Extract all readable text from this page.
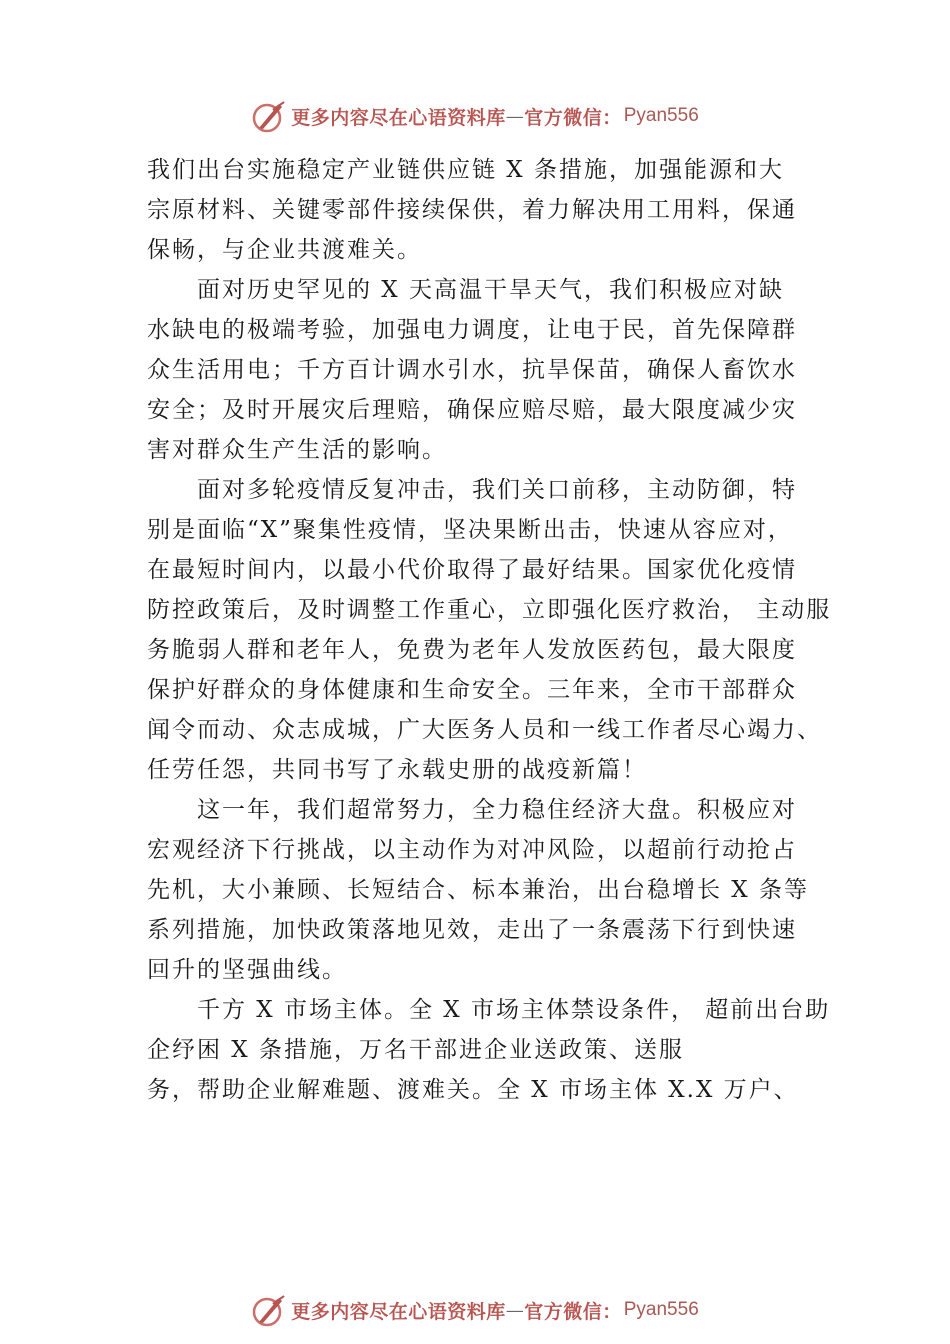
更多内容尽在心语资料库 — 官方微信： Pyan556

我们出台实施稳定产业链供应链 X 条措施，加强能源和大
宗原材料、关键零部件接续保供，着力解决用工用料，保通
保畅，与企业共渡难关。

面对历史罕见的 X 天高温干旱天气，我们积极应对缺
水缺电的极端考验，加强电力调度，让电于民，首先保障群
众生活用电；千方百计调水引水，抗旱保苗，确保人畜饮水
安全；及时开展灾后理赔，确保应赔尽赔，最大限度减少灾
害对群众生产生活的影响。

面对多轮疫情反复冲击，我们关口前移，主动防御，特
别是面临“X”聚集性疫情，坚决果断出击，快速从容应对，
在最短时间内，以最小代价取得了最好结果。国家优化疫情
防控政策后，及时调整工作重心，立即强化医疗救治， 主动服
务脆弱人群和老年人，免费为老年人发放医药包，最大限度
保护好群众的身体健康和生命安全。三年来，全市干部群众
闻令而动、众志成城，广大医务人员和一线工作者尽心竭力、
任劳任怨，共同书写了永载史册的战疫新篇！

这一年，我们超常努力，全力稳住经济大盘。积极应对
宏观经济下行挑战，以主动作为对冲风险，以超前行动抢占
先机，大小兼顾、长短结合、标本兼治，出台稳增长 X 条等
系列措施，加快政策落地见效，走出了一条震荡下行到快速
回升的坚强曲线。

千方 X 市场主体。全 X 市场主体禁设条件， 超前出台助
企纾困 X 条措施，万名干部进企业送政策、送服
务，帮助企业解难题、渡难关。全 X 市场主体 X.X 万户、

更多内容尽在心语资料库 — 官方微信： Pyan556
